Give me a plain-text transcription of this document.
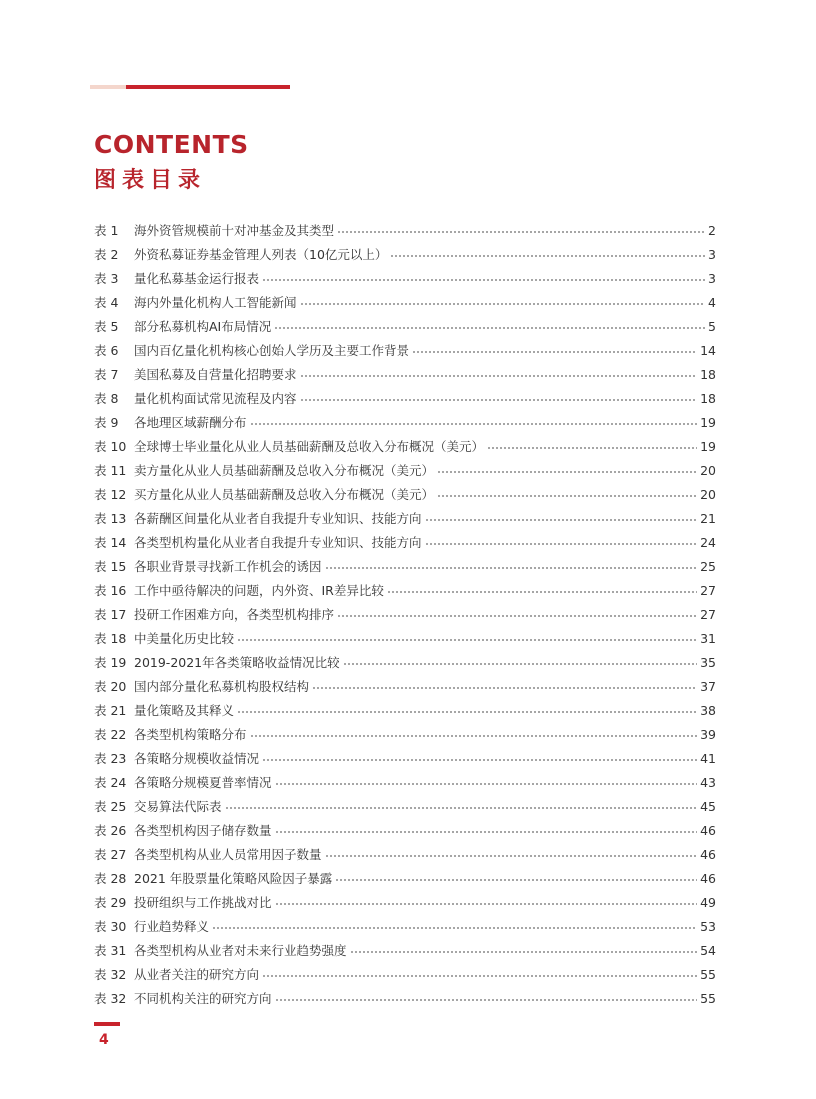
CONTENTS
图表目录
表 1	海外资管规模前十对冲基金及其类型	2
表 2	外资私募证券基金管理人列表（10亿元以上）	3
表 3	量化私募基金运行报表	3
表 4	海内外量化机构人工智能新闻	4
表 5	部分私募机构AI布局情况	5
表 6	国内百亿量化机构核心创始人学历及主要工作背景	14
表 7	美国私募及自营量化招聘要求	18
表 8	量化机构面试常见流程及内容	18
表 9	各地理区域薪酬分布	19
表 10 全球博士毕业量化从业人员基础薪酬及总收入分布概况（美元）	19
表 11 卖方量化从业人员基础薪酬及总收入分布概况（美元）	20
表 12 买方量化从业人员基础薪酬及总收入分布概况（美元）	20
表 13 各薪酬区间量化从业者自我提升专业知识、技能方向	21
表 14 各类型机构量化从业者自我提升专业知识、技能方向	24
表 15 各职业背景寻找新工作机会的诱因	25
表 16 工作中亟待解决的问题，内外资、IR差异比较	27
表 17 投研工作困难方向，各类型机构排序	27
表 18 中美量化历史比较	31
表 19 2019-2021年各类策略收益情况比较	35
表 20 国内部分量化私募机构股权结构	37
表 21 量化策略及其释义	38
表 22 各类型机构策略分布	39
表 23 各策略分规模收益情况	41
表 24 各策略分规模夏普率情况	43
表 25 交易算法代际表	45
表 26 各类型机构因子储存数量	46
表 27 各类型机构从业人员常用因子数量	46
表 28 2021 年股票量化策略风险因子暴露	46
表 29 投研组织与工作挑战对比	49
表 30 行业趋势释义	53
表 31 各类型机构从业者对未来行业趋势强度	54
表 32 从业者关注的研究方向	55
表 32 不同机构关注的研究方向	55
4
